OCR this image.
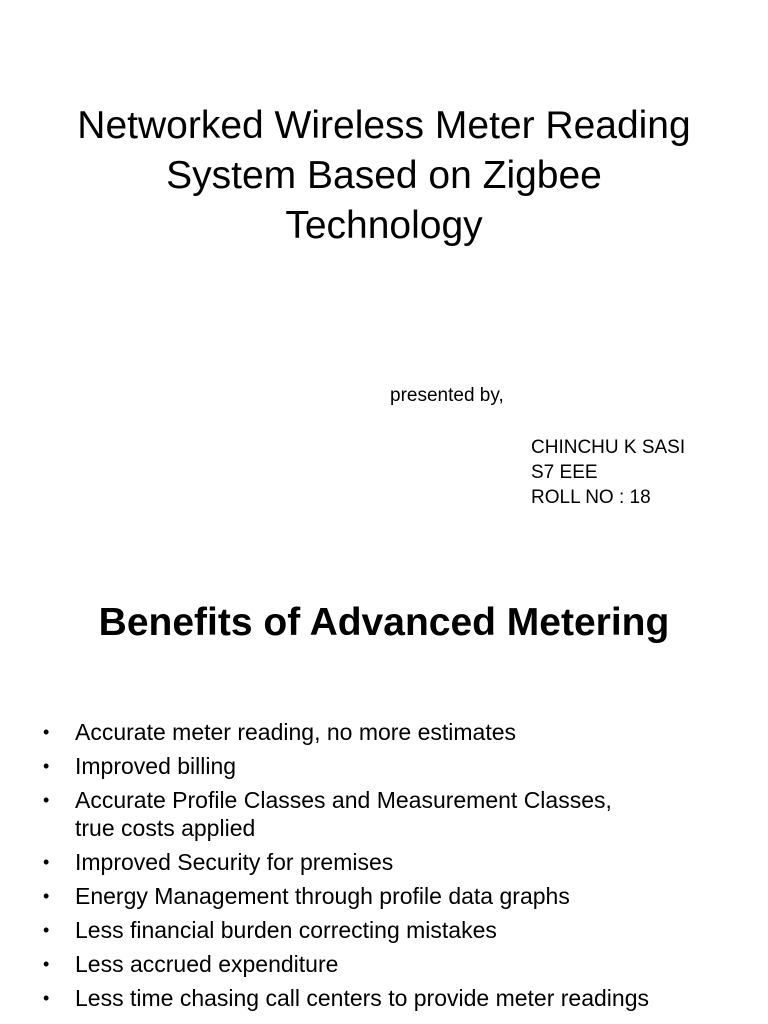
Networked Wireless Meter Reading
System Based on Zigbee
Technology
presented by,
CHINCHU K SASI
S7 EEE
ROLL NO : 18
Benefits of Advanced Metering
• Accurate meter reading, no more estimates
• Improved billing
• Accurate Profile Classes and Measurement Classes, true costs applied
• Improved Security for premises
• Energy Management through profile data graphs
• Less financial burden correcting mistakes
• Less accrued expenditure
• Less time chasing call centers to provide meter readings
